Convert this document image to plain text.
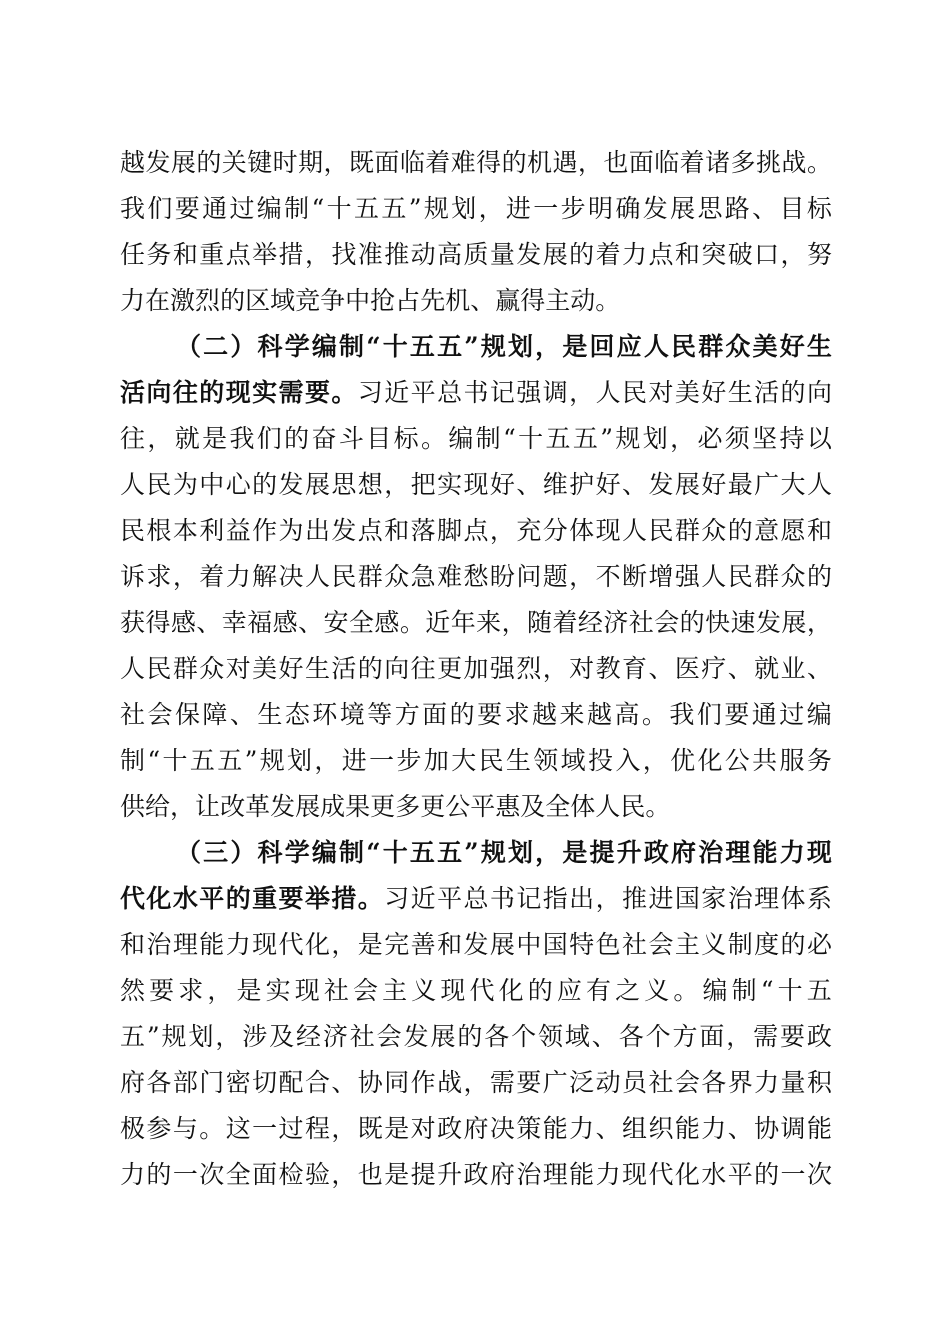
越 发 展 的 关 键 时 期 ， 既 面 临 着 难 得 的 机 遇 ， 也 面 临 着 诸 多 挑 战 。
我 们 要 通 过 编 制 “ 十 五 五 ” 规 划 ， 进 一 步 明 确 发 展 思 路 、 目 标
任 务 和 重 点 举 措 ， 找 准 推 动 高 质 量 发 展 的 着 力 点 和 突 破 口 ， 努
力 在 激 烈 的 区 域 竞 争 中 抢 占 先 机 、 赢 得 主 动 。
（ 二 ） 科 学 编 制 “ 十 五 五 ” 规 划 ， 是 回 应 人 民 群 众 美 好 生
活 向 往 的 现 实 需 要 。 习 近 平 总 书 记 强 调 ， 人 民 对 美 好 生 活 的 向
往 ， 就 是 我 们 的 奋 斗 目 标 。 编 制 “ 十 五 五 ” 规 划 ， 必 须 坚 持 以
人 民 为 中 心 的 发 展 思 想 ， 把 实 现 好 、 维 护 好 、 发 展 好 最 广 大 人
民 根 本 利 益 作 为 出 发 点 和 落 脚 点 ， 充 分 体 现 人 民 群 众 的 意 愿 和
诉 求 ， 着 力 解 决 人 民 群 众 急 难 愁 盼 问 题 ， 不 断 增 强 人 民 群 众 的
获 得 感 、 幸 福 感 、 安 全 感 。 近 年 来 ， 随 着 经 济 社 会 的 快 速 发 展 ，
人 民 群 众 对 美 好 生 活 的 向 往 更 加 强 烈 ， 对 教 育 、 医 疗 、 就 业 、
社 会 保 障 、 生 态 环 境 等 方 面 的 要 求 越 来 越 高 。 我 们 要 通 过 编
制 “ 十 五 五 ” 规 划 ， 进 一 步 加 大 民 生 领 域 投 入 ， 优 化 公 共 服 务
供 给 ， 让 改 革 发 展 成 果 更 多 更 公 平 惠 及 全 体 人 民 。
（ 三 ） 科 学 编 制 “ 十 五 五 ” 规 划 ， 是 提 升 政 府 治 理 能 力 现
代 化 水 平 的 重 要 举 措 。 习 近 平 总 书 记 指 出 ， 推 进 国 家 治 理 体 系
和 治 理 能 力 现 代 化 ， 是 完 善 和 发 展 中 国 特 色 社 会 主 义 制 度 的 必
然 要 求 ， 是 实 现 社 会 主 义 现 代 化 的 应 有 之 义 。 编 制 “ 十 五
五 ” 规 划 ， 涉 及 经 济 社 会 发 展 的 各 个 领 域 、 各 个 方 面 ， 需 要 政
府 各 部 门 密 切 配 合 、 协 同 作 战 ， 需 要 广 泛 动 员 社 会 各 界 力 量 积
极 参 与 。 这 一 过 程 ， 既 是 对 政 府 决 策 能 力 、 组 织 能 力 、 协 调 能
力 的 一 次 全 面 检 验 ， 也 是 提 升 政 府 治 理 能 力 现 代 化 水 平 的 一 次
